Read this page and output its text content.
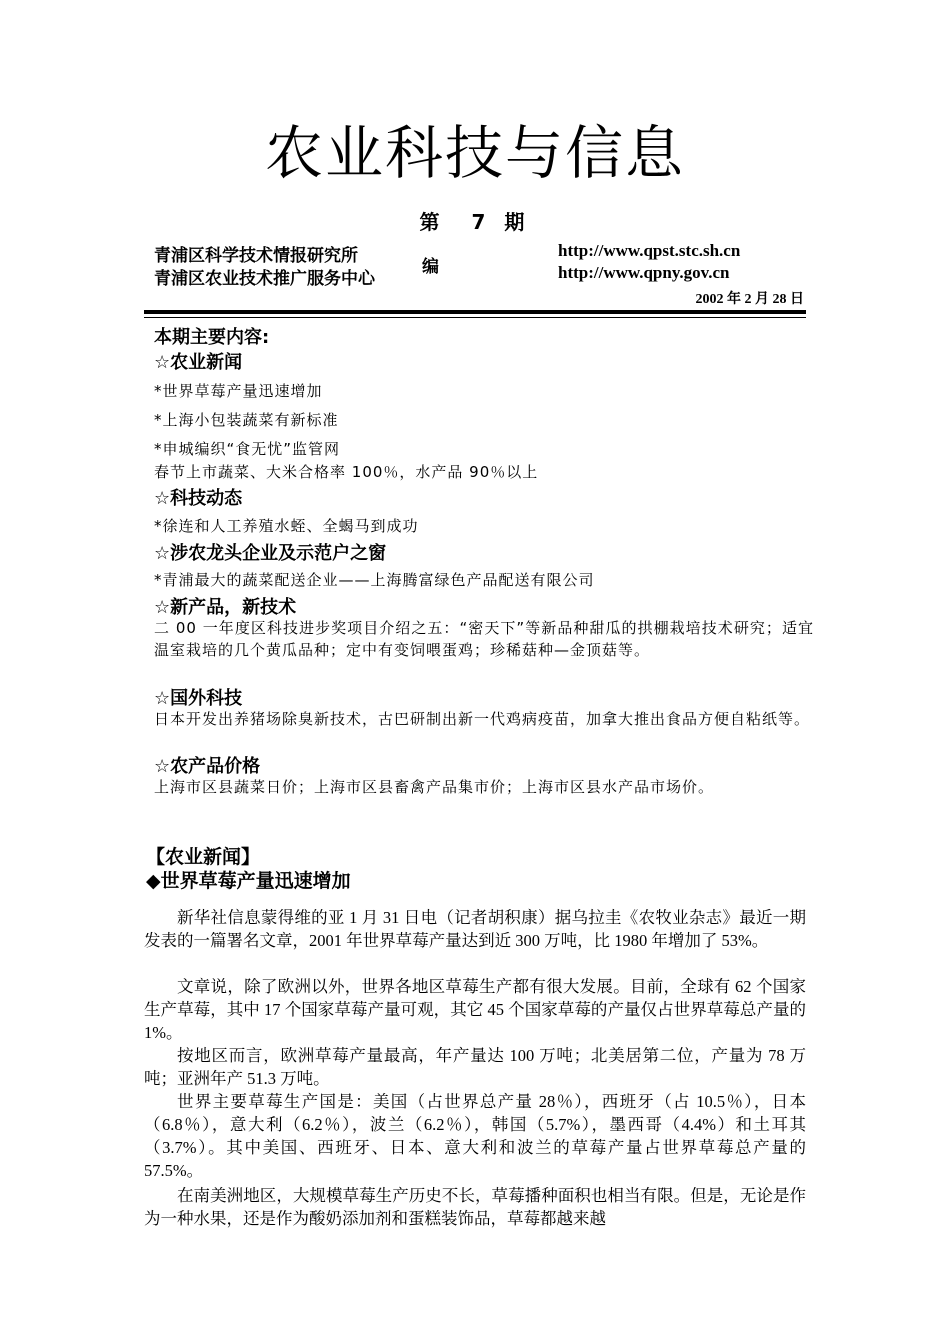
农业科技与信息
第　7 期
青浦区科学技术情报研究所
青浦区农业技术推广服务中心
编
http://www.qpst.stc.sh.cn
http://www.qpny.gov.cn
2002 年 2 月 28 日
本期主要内容:
☆农业新闻
*世界草莓产量迅速增加
*上海小包装蔬菜有新标准
*申城编织“食无忧”监管网
春节上市蔬菜、大米合格率 100％，水产品 90％以上
☆科技动态
*徐连和人工养殖水蛭、全蝎马到成功
☆涉农龙头企业及示范户之窗
*青浦最大的蔬菜配送企业——上海腾富绿色产品配送有限公司
☆新产品，新技术
二 00 一年度区科技进步奖项目介绍之五：“密天下”等新品种甜瓜的拱棚栽培技术研究；适宜温室栽培的几个黄瓜品种；定中有变饲喂蛋鸡；珍稀菇种—金顶菇等。
☆国外科技
日本开发出养猪场除臭新技术，古巴研制出新一代鸡病疫苗，加拿大推出食品方便自粘纸等。
☆农产品价格
上海市区县蔬菜日价；上海市区县畜禽产品集市价；上海市区县水产品市场价。
【农业新闻】
◆世界草莓产量迅速增加
新华社信息蒙得维的亚 1 月 31 日电（记者胡积康）据乌拉圭《农牧业杂志》最近一期发表的一篇署名文章，2001 年世界草莓产量达到近 300 万吨，比 1980 年增加了 53%。
文章说，除了欧洲以外，世界各地区草莓生产都有很大发展。目前，全球有 62 个国家生产草莓，其中 17 个国家草莓产量可观，其它 45 个国家草莓的产量仅占世界草莓总产量的 1%。
按地区而言，欧洲草莓产量最高，年产量达 100 万吨；北美居第二位，产量为 78 万吨；亚洲年产 51.3 万吨。
世界主要草莓生产国是：美国（占世界总产量 28％），西班牙（占 10.5％），日本（6.8％），意大利（6.2％），波兰（6.2％），韩国（5.7%），墨西哥（4.4%）和土耳其（3.7%）。其中美国、西班牙、日本、意大利和波兰的草莓产量占世界草莓总产量的 57.5%。
在南美洲地区，大规模草莓生产历史不长，草莓播种面积也相当有限。但是，无论是作为一种水果，还是作为酸奶添加剂和蛋糕装饰品，草莓都越来越
